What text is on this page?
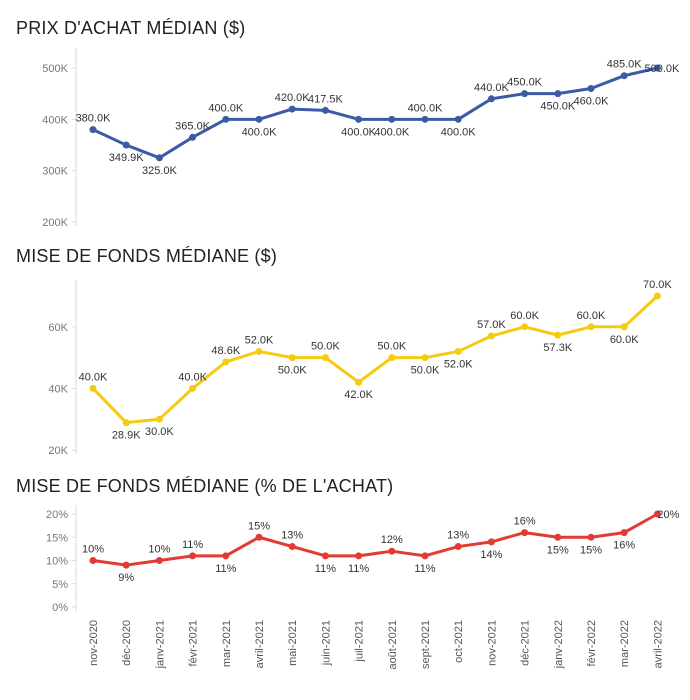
PRIX D'ACHAT MÉDIAN ($)
MISE DE FONDS MÉDIANE ($)
MISE DE FONDS MÉDIANE (% DE L'ACHAT)
200K
300K
400K
500K
380.0K
349.9K
325.0K
365.0K
400.0K
400.0K
420.0K
417.5K
400.0K
400.0K
400.0K
400.0K
440.0K
450.0K
450.0K
460.0K
485.0K 500.0K
20K
40K
60K
40.0K
28.9K 30.0K
40.0K
48.6K
52.0K
50.0K
50.0K
42.0K
50.0K
50.0K
52.0K
57.0K
60.0K
57.3K
60.0K
60.0K
70.0K
0%
5%
10%
15%
20%
10%
9%
10% 11%
11%
15%
13%
11% 11%
12%
11%
13%
14%
16%
15% 15% 16%
20%
nov-2020 déc-2020 janv-2021 févr-2021 mar-2021 avril-2021 mai-2021 juin-2021 juil-2021 août-2021 sept-2021 oct-2021 nov-2021 déc-2021 janv-2022 févr-2022 mar-2022 avril-2022
